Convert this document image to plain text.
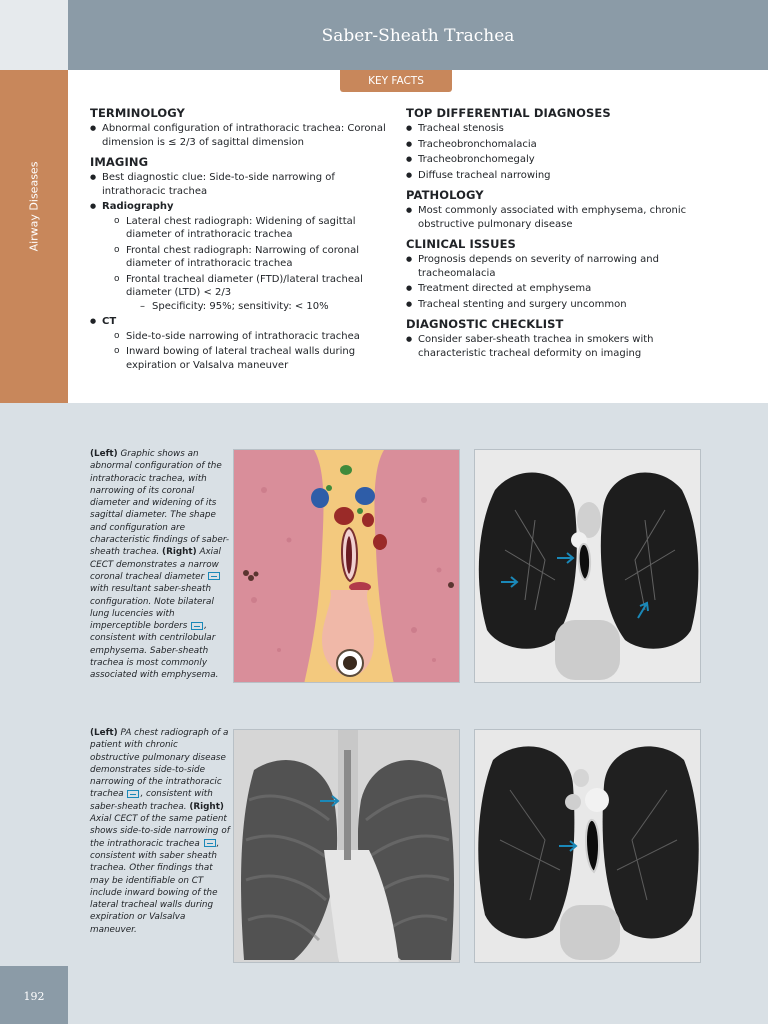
Saber-Sheath Trachea
Airway Diseases
192
KEY FACTS
TERMINOLOGY
● Abnormal configuration of intrathoracic trachea: Coronal dimension is ≤ 2/3 of sagittal dimension
IMAGING
● Best diagnostic clue: Side-to-side narrowing of intrathoracic trachea
● Radiography
o Lateral chest radiograph: Widening of sagittal diameter of intrathoracic trachea
o Frontal chest radiograph: Narrowing of coronal diameter of intrathoracic trachea
o Frontal tracheal diameter (FTD)/lateral tracheal diameter (LTD) < 2/3
– Specificity: 95%; sensitivity: < 10%
● CT
o Side-to-side narrowing of intrathoracic trachea
o Inward bowing of lateral tracheal walls during expiration or Valsalva maneuver
TOP DIFFERENTIAL DIAGNOSES
● Tracheal stenosis
● Tracheobronchomalacia
● Tracheobronchomegaly
● Diffuse tracheal narrowing
PATHOLOGY
● Most commonly associated with emphysema, chronic obstructive pulmonary disease
CLINICAL ISSUES
● Prognosis depends on severity of narrowing and tracheomalacia
● Treatment directed at emphysema
● Tracheal stenting and surgery uncommon
DIAGNOSTIC CHECKLIST
● Consider saber-sheath trachea in smokers with characteristic tracheal deformity on imaging
(Left) Graphic shows an abnormal configuration of the intrathoracic trachea, with narrowing of its coronal diameter and widening of its sagittal diameter. The shape and configuration are characteristic findings of saber-sheath trachea. (Right) Axial CECT demonstrates a narrow coronal tracheal diameter  with resultant saber-sheath configuration. Note bilateral lung lucencies with imperceptible borders , consistent with centrilobular emphysema. Saber-sheath trachea is most commonly associated with emphysema.
(Left) PA chest radiograph of a patient with chronic obstructive pulmonary disease demonstrates side-to-side narrowing of the intrathoracic trachea , consistent with saber-sheath trachea. (Right) Axial CECT of the same patient shows side-to-side narrowing of the intrathoracic trachea , consistent with saber sheath trachea. Other findings that may be identifiable on CT include inward bowing of the lateral tracheal walls during expiration or Valsalva maneuver.
